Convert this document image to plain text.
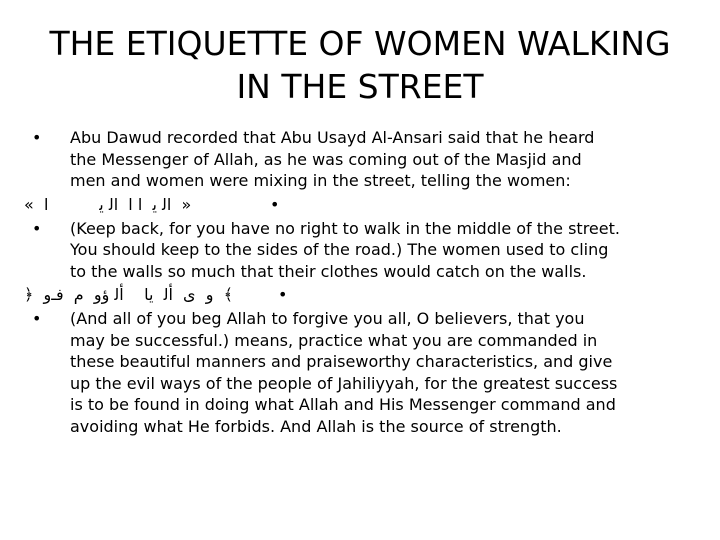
THE ETIQUETTE OF WOMEN WALKING
IN THE STREET
• Abu Dawud recorded that Abu Usayd Al-Ansari said that he heard
the Messenger of Allah, as he was coming out of the Masjid and
men and women were mixing in the street, telling the women:
«  ﺍﻟ ﻳ  ﺍ ﺍ  ﺍﻟ ﻳ          ﺍ  »	•
• (Keep back, for you have no right to walk in the middle of the street.
You should keep to the sides of the road.) The women used to cling
to the walls so much that their clothes would catch on the walls.
﴿  ﻭ  ﻯ  ﺃﻟ  ﻳﺎ    ﺃﻟ ﺅﻭ  ﻡ  ﻓـﻭ  ﴾	•
• (And all of you beg Allah to forgive you all, O believers, that you
may be successful.) means, practice what you are commanded in
these beautiful manners and praiseworthy characteristics, and give
up the evil ways of the people of Jahiliyyah, for the greatest success
is to be found in doing what Allah and His Messenger command and
avoiding what He forbids. And Allah is the source of strength.
